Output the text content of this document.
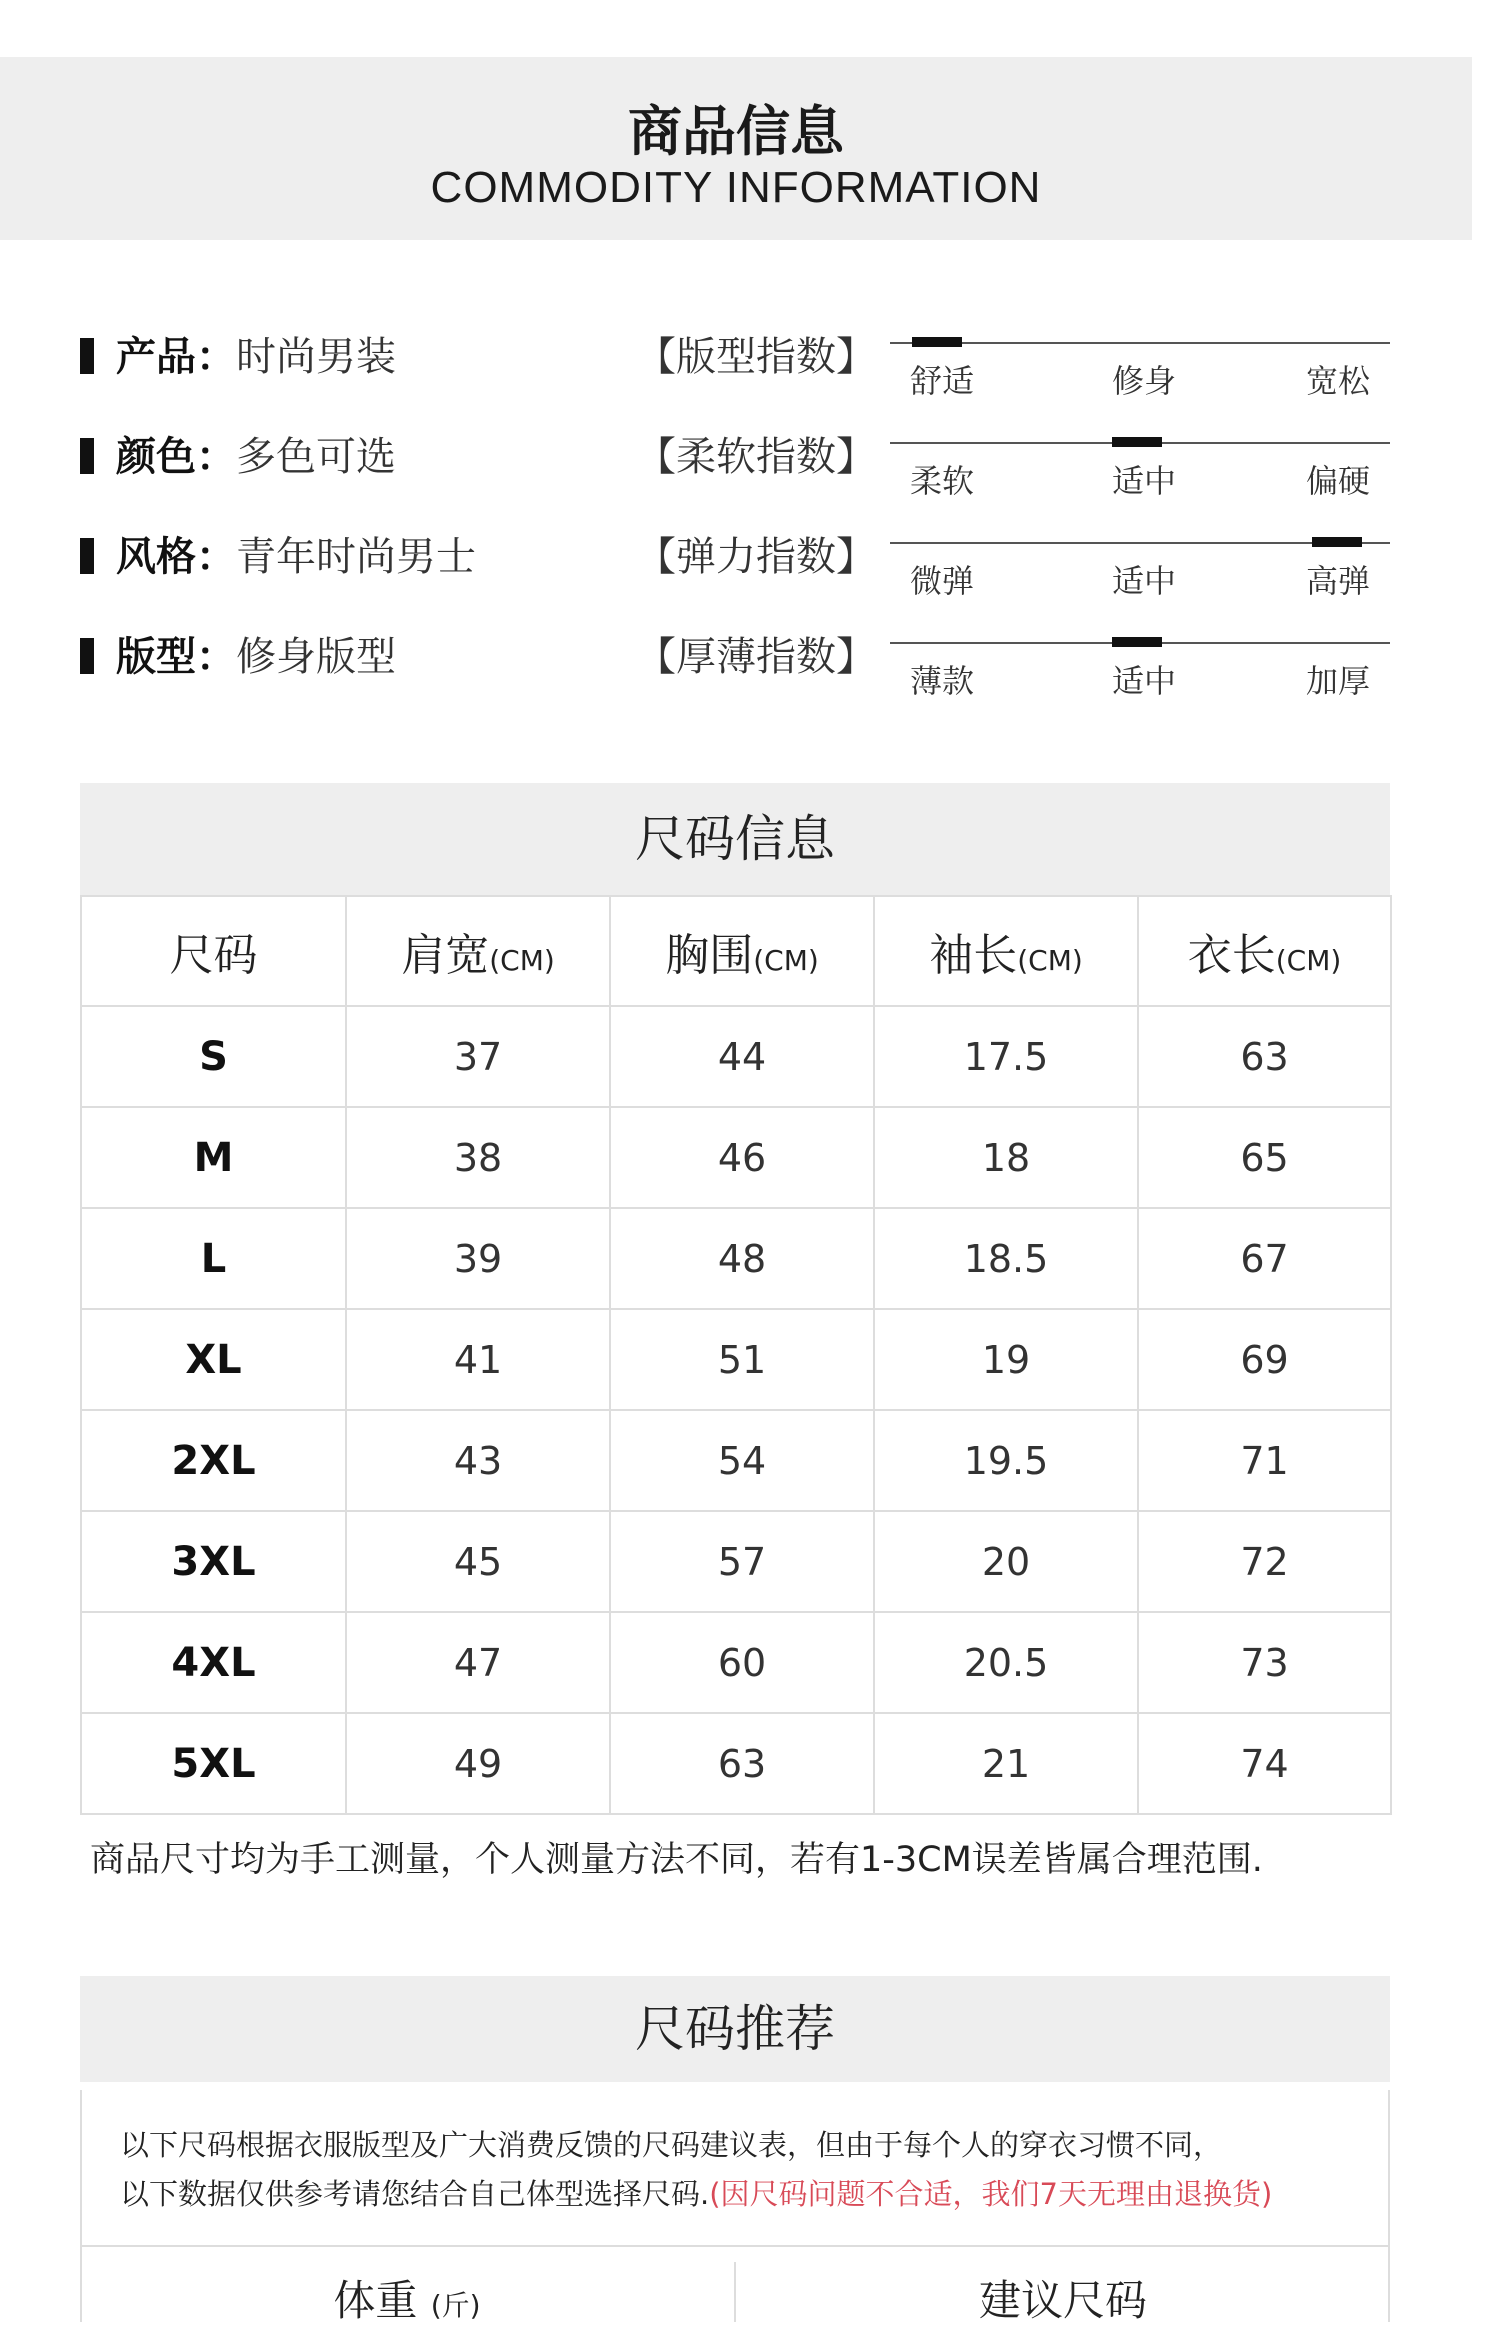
商品信息
COMMODITY INFORMATION
产品：时尚男装
颜色：多色可选
风格：青年时尚男士
版型：修身版型
【版型指数】
舒适	修身	宽松
【柔软指数】
柔软	适中	偏硬
【弹力指数】
微弹	适中	高弹
【厚薄指数】
薄款	适中	加厚
尺码信息
尺码	肩宽(CM)	胸围(CM)	袖长(CM)	衣长(CM)
S	37	44	17.5	63
M	38	46	18	65
L	39	48	18.5	67
XL	41	51	19	69
2XL	43	54	19.5	71
3XL	45	57	20	72
4XL	47	60	20.5	73
5XL	49	63	21	74
商品尺寸均为手工测量，个人测量方法不同，若有1-3CM误差皆属合理范围.
尺码推荐
以下尺码根据衣服版型及广大消费反馈的尺码建议表，但由于每个人的穿衣习惯不同，
以下数据仅供参考请您结合自己体型选择尺码.(因尺码问题不合适，我们7天无理由退换货)
体重 (斤)	建议尺码
